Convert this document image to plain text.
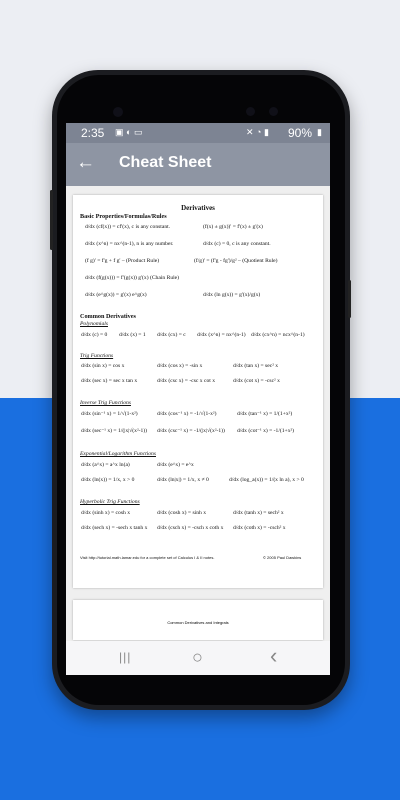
2:35 ▣ ◐ ▭	✕ ◔ ▮ 90% ▮
← Cheat Sheet
Derivatives
Basic Properties/Formulas/Rules
d/dx (cf(x)) = cf'(x), c is any constant.	(f(x) ± g(x))' = f'(x) ± g'(x)
d/dx (x^n) = nx^(n-1), n is any number.	d/dx (c) = 0, c is any constant.
(f g)' = f'g + f g' – (Product Rule)	(f/g)' = (f'g - fg')/g² – (Quotient Rule)
d/dx (f(g(x))) = f'(g(x)) g'(x) (Chain Rule)
d/dx (e^g(x)) = g'(x) e^g(x)	d/dx (ln g(x)) = g'(x)/g(x)
Common Derivatives
Polynomials
d/dx (c) = 0 d/dx (x) = 1 d/dx (cx) = c d/dx (x^n) = nx^(n-1) d/dx (cx^n) = ncx^(n-1)
Trig Functions
d/dx (sin x) = cos x	d/dx (cos x) = -sin x	d/dx (tan x) = sec² x
d/dx (sec x) = sec x tan x	d/dx (csc x) = -csc x cot x	d/dx (cot x) = -csc² x
Inverse Trig Functions
d/dx (sin⁻¹ x) = 1/√(1-x²)	d/dx (cos⁻¹ x) = -1/√(1-x²)	d/dx (tan⁻¹ x) = 1/(1+x²)
d/dx (sec⁻¹ x) = 1/(|x|√(x²-1)) d/dx (csc⁻¹ x) = -1/(|x|√(x²-1)) d/dx (cot⁻¹ x) = -1/(1+x²)
Exponential/Logarithm Functions
d/dx (a^x) = a^x ln(a)	d/dx (e^x) = e^x
d/dx (ln(x)) = 1/x, x > 0	d/dx (ln|x|) = 1/x, x ≠ 0	d/dx (log_a(x)) = 1/(x ln a), x > 0
Hyperbolic Trig Functions
d/dx (sinh x) = cosh x	d/dx (cosh x) = sinh x	d/dx (tanh x) = sech² x
d/dx (sech x) = -sech x tanh x d/dx (csch x) = -csch x coth x d/dx (coth x) = -csch² x
Visit http://tutorial.math.lamar.edu for a complete set of Calculus I & II notes.	© 2005 Paul Dawkins
Common Derivatives and Integrals
|||	○	‹
